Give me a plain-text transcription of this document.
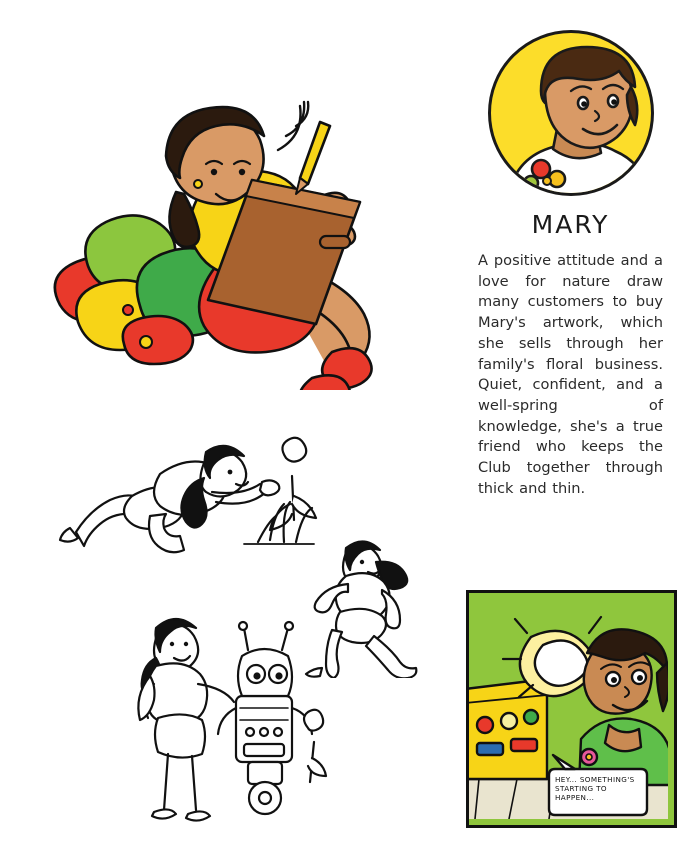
MARY
A positive attitude and a love for nature draw many customers to buy Mary's artwork, which she sells through her family's floral business. Quiet, confident, and a well-spring of knowledge, she's a true friend who keeps the Club together through thick and thin.
HEY... SOMETHING'S STARTING TO HAPPEN...
